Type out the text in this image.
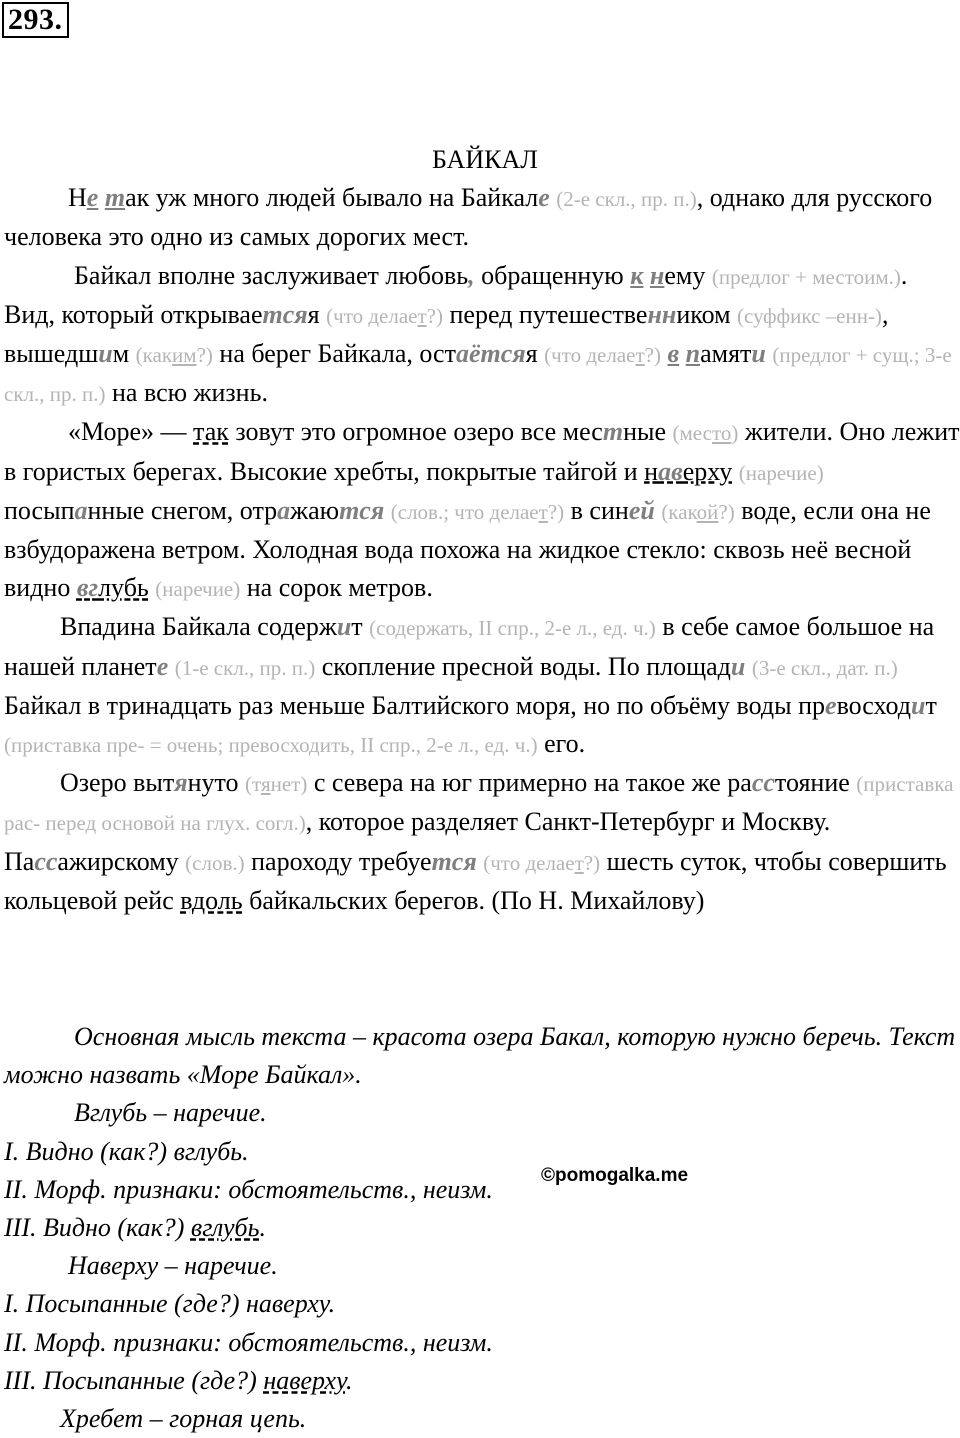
293.

БАЙКАЛ

Не так уж много людей бывало на Байкале (2-е скл., пр. п.), однако для русского человека это одно из самых дорогих мест.

Байкал вполне заслуживает любовь, обращенную к нему (предлог + местоим.). Вид, который открываетсяя (что делает?) перед путешественником (суффикс –енн-), вышедшим (каким?) на берег Байкала, остаётсяя (что делает?) в памяти (предлог + сущ.; 3-е скл., пр. п.) на всю жизнь.

«Море» — так зовут это огромное озеро все местные (место) жители. Оно лежит в гористых берегах. Высокие хребты, покрытые тайгой и наверху (наречие) посыпанные снегом, отражаются (слов.; что делает?) в синей (какой?) воде, если она не взбудоражена ветром. Холодная вода похожа на жидкое стекло: сквозь неё весной видно вглубь (наречие) на сорок метров.

Впадина Байкала содержит (содержать, II спр., 2-е л., ед. ч.) в себе самое большое на нашей планете (1-е скл., пр. п.) скопление пресной воды. По площади (3-е скл., дат. п.) Байкал в тринадцать раз меньше Балтийского моря, но по объёму воды превосходит (приставка пре- = очень; превосходить, II спр., 2-е л., ед. ч.) его.

Озеро вытянуто (тянет) с севера на юг примерно на такое же расстояние (приставка рас- перед основой на глух. согл.), которое разделяет Санкт-Петербург и Москву. Пассажирскому (слов.) пароходу требуется (что делает?) шесть суток, чтобы совершить кольцевой рейс вдоль байкальских берегов. (По Н. Михайлову)

©pomogalka.me

Основная мысль текста – красота озера Бакал, которую нужно беречь. Текст можно назвать «Море Байкал».

Вглубь – наречие.

I. Видно (как?) вглубь.

II. Морф. признаки: обстоятельств., неизм.

III. Видно (как?) вглубь.

Наверху – наречие.

I. Посыпанные (где?) наверху.

II. Морф. признаки: обстоятельств., неизм.

III. Посыпанные (где?) наверху.

Хребет – горная цепь.
